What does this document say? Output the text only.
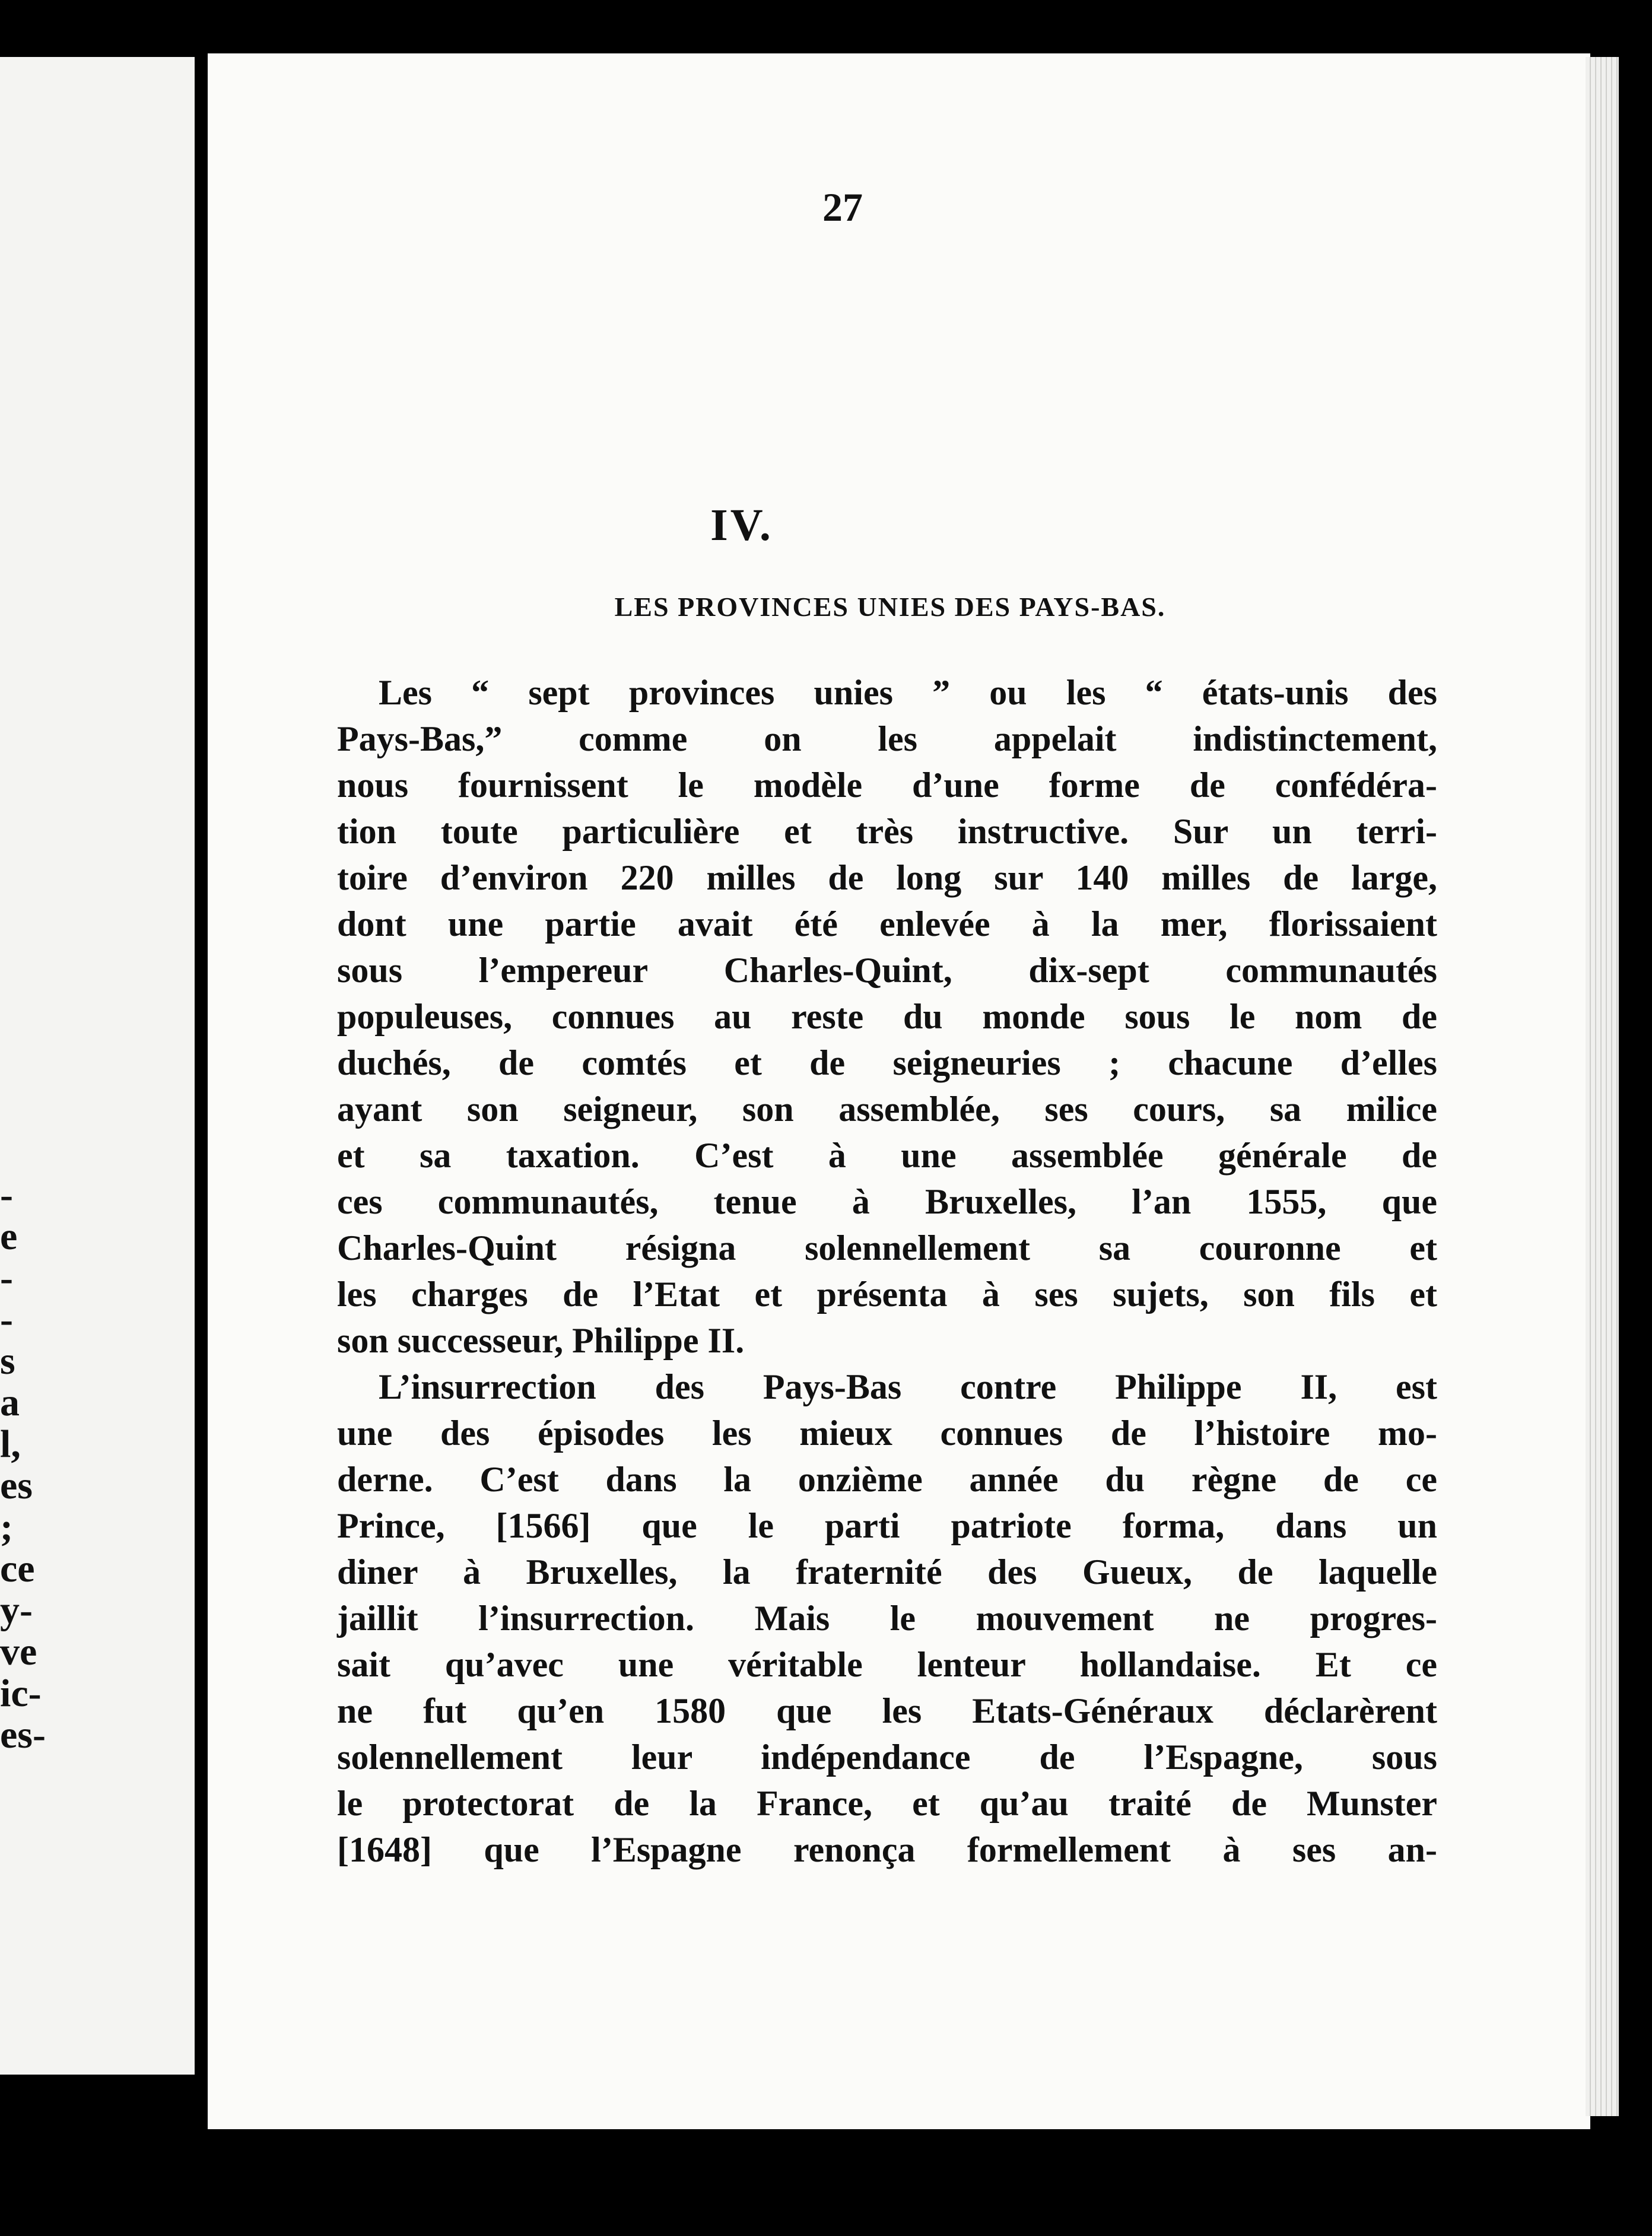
-
e
-
-
s
a
l,
es
;
ce
y-
ve
ic-
es-
27
IV.
LES PROVINCES UNIES DES PAYS-BAS.
Les “ sept provinces unies ” ou les “ états-unis des
Pays-Bas,” comme on les appelait indistinctement,
nous fournissent le modèle d’une forme de confédéra-
tion toute particulière et très instructive. Sur un terri-
toire d’environ 220 milles de long sur 140 milles de large,
dont une partie avait été enlevée à la mer, florissaient
sous l’empereur Charles-Quint, dix-sept communautés
populeuses, connues au reste du monde sous le nom de
duchés, de comtés et de seigneuries ; chacune d’elles
ayant son seigneur, son assemblée, ses cours, sa milice
et sa taxation. C’est à une assemblée générale de
ces communautés, tenue à Bruxelles, l’an 1555, que
Charles-Quint résigna solennellement sa couronne et
les charges de l’Etat et présenta à ses sujets, son fils et
son successeur, Philippe II.
L’insurrection des Pays-Bas contre Philippe II, est
une des épisodes les mieux connues de l’histoire mo-
derne. C’est dans la onzième année du règne de ce
Prince, [1566] que le parti patriote forma, dans un
diner à Bruxelles, la fraternité des Gueux, de laquelle
jaillit l’insurrection. Mais le mouvement ne progres-
sait qu’avec une véritable lenteur hollandaise. Et ce
ne fut qu’en 1580 que les Etats-Généraux déclarèrent
solennellement leur indépendance de l’Espagne, sous
le protectorat de la France, et qu’au traité de Munster
[1648] que l’Espagne renonça formellement à ses an-
